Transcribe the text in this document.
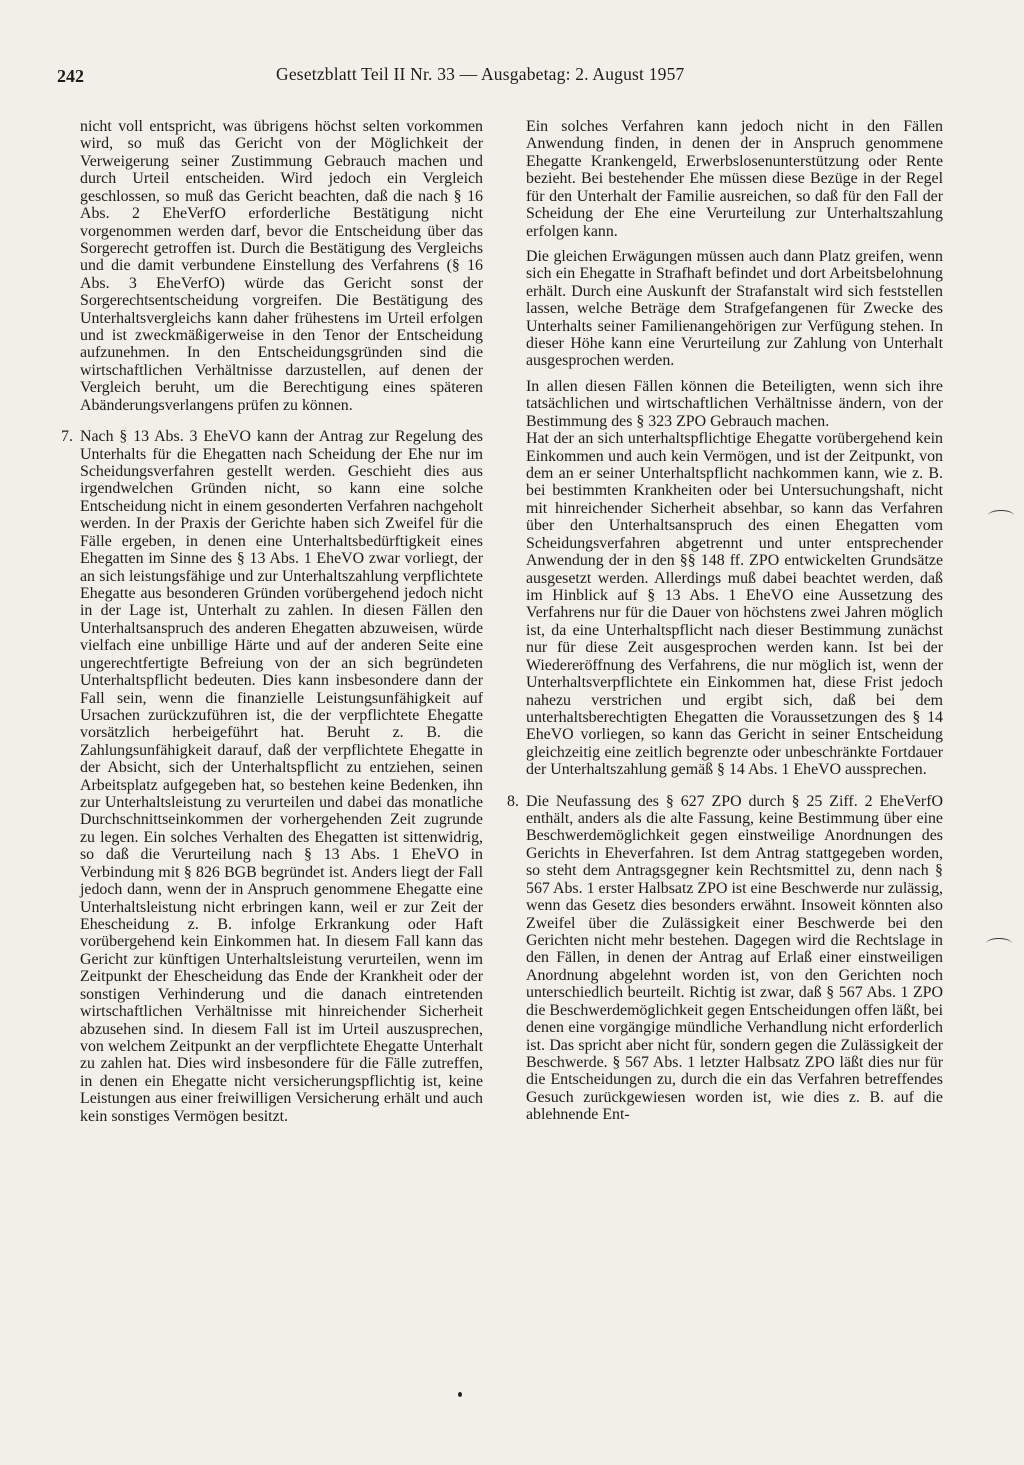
242	Gesetzblatt Teil II Nr. 33 — Ausgabetag: 2. August 1957

nicht voll entspricht, was übrigens höchst selten vorkommen wird, so muß das Gericht von der Möglichkeit der Verweigerung seiner Zustimmung Gebrauch machen und durch Urteil entscheiden. Wird jedoch ein Vergleich geschlossen, so muß das Gericht beachten, daß die nach § 16 Abs. 2 EheVerfO erforderliche Bestätigung nicht vorgenommen werden darf, bevor die Entscheidung über das Sorgerecht getroffen ist. Durch die Bestätigung des Vergleichs und die damit verbundene Einstellung des Verfahrens (§ 16 Abs. 3 EheVerfO) würde das Gericht sonst der Sorgerechtsentscheidung vorgreifen. Die Bestätigung des Unterhaltsvergleichs kann daher frühestens im Urteil erfolgen und ist zweckmäßigerweise in den Tenor der Entscheidung aufzunehmen. In den Entscheidungsgründen sind die wirtschaftlichen Verhältnisse darzustellen, auf denen der Vergleich beruht, um die Berechtigung eines späteren Abänderungsverlangens prüfen zu können.

7. Nach § 13 Abs. 3 EheVO kann der Antrag zur Regelung des Unterhalts für die Ehegatten nach Scheidung der Ehe nur im Scheidungsverfahren gestellt werden. Geschieht dies aus irgendwelchen Gründen nicht, so kann eine solche Entscheidung nicht in einem gesonderten Verfahren nachgeholt werden. In der Praxis der Gerichte haben sich Zweifel für die Fälle ergeben, in denen eine Unterhaltsbedürftigkeit eines Ehegatten im Sinne des § 13 Abs. 1 EheVO zwar vorliegt, der an sich leistungsfähige und zur Unterhaltszahlung verpflichtete Ehegatte aus besonderen Gründen vorübergehend jedoch nicht in der Lage ist, Unterhalt zu zahlen. In diesen Fällen den Unterhaltsanspruch des anderen Ehegatten abzuweisen, würde vielfach eine unbillige Härte und auf der anderen Seite eine ungerechtfertigte Befreiung von der an sich begründeten Unterhaltspflicht bedeuten. Dies kann insbesondere dann der Fall sein, wenn die finanzielle Leistungsunfähigkeit auf Ursachen zurückzuführen ist, die der verpflichtete Ehegatte vorsätzlich herbeigeführt hat. Beruht z. B. die Zahlungsunfähigkeit darauf, daß der verpflichtete Ehegatte in der Absicht, sich der Unterhaltspflicht zu entziehen, seinen Arbeitsplatz aufgegeben hat, so bestehen keine Bedenken, ihn zur Unterhaltsleistung zu verurteilen und dabei das monatliche Durchschnittseinkommen der vorhergehenden Zeit zugrunde zu legen. Ein solches Verhalten des Ehegatten ist sittenwidrig, so daß die Verurteilung nach § 13 Abs. 1 EheVO in Verbindung mit § 826 BGB begründet ist. Anders liegt der Fall jedoch dann, wenn der in Anspruch genommene Ehegatte eine Unterhaltsleistung nicht erbringen kann, weil er zur Zeit der Ehescheidung z. B. infolge Erkrankung oder Haft vorübergehend kein Einkommen hat. In diesem Fall kann das Gericht zur künftigen Unterhaltsleistung verurteilen, wenn im Zeitpunkt der Ehescheidung das Ende der Krankheit oder der sonstigen Verhinderung und die danach eintretenden wirtschaftlichen Verhältnisse mit hinreichender Sicherheit abzusehen sind. In diesem Fall ist im Urteil auszusprechen, von welchem Zeitpunkt an der verpflichtete Ehegatte Unterhalt zu zahlen hat. Dies wird insbesondere für die Fälle zutreffen, in denen ein Ehegatte nicht versicherungspflichtig ist, keine Leistungen aus einer freiwilligen Versicherung erhält und auch kein sonstiges Vermögen besitzt.

Ein solches Verfahren kann jedoch nicht in den Fällen Anwendung finden, in denen der in Anspruch genommene Ehegatte Krankengeld, Erwerbslosenunterstützung oder Rente bezieht. Bei bestehender Ehe müssen diese Bezüge in der Regel für den Unterhalt der Familie ausreichen, so daß für den Fall der Scheidung der Ehe eine Verurteilung zur Unterhaltszahlung erfolgen kann.

Die gleichen Erwägungen müssen auch dann Platz greifen, wenn sich ein Ehegatte in Strafhaft befindet und dort Arbeitsbelohnung erhält. Durch eine Auskunft der Strafanstalt wird sich feststellen lassen, welche Beträge dem Strafgefangenen für Zwecke des Unterhalts seiner Familienangehörigen zur Verfügung stehen. In dieser Höhe kann eine Verurteilung zur Zahlung von Unterhalt ausgesprochen werden.

In allen diesen Fällen können die Beteiligten, wenn sich ihre tatsächlichen und wirtschaftlichen Verhältnisse ändern, von der Bestimmung des § 323 ZPO Gebrauch machen.

Hat der an sich unterhaltspflichtige Ehegatte vorübergehend kein Einkommen und auch kein Vermögen, und ist der Zeitpunkt, von dem an er seiner Unterhaltspflicht nachkommen kann, wie z. B. bei bestimmten Krankheiten oder bei Untersuchungshaft, nicht mit hinreichender Sicherheit absehbar, so kann das Verfahren über den Unterhaltsanspruch des einen Ehegatten vom Scheidungsverfahren abgetrennt und unter entsprechender Anwendung der in den §§ 148 ff. ZPO entwickelten Grundsätze ausgesetzt werden. Allerdings muß dabei beachtet werden, daß im Hinblick auf § 13 Abs. 1 EheVO eine Aussetzung des Verfahrens nur für die Dauer von höchstens zwei Jahren möglich ist, da eine Unterhaltspflicht nach dieser Bestimmung zunächst nur für diese Zeit ausgesprochen werden kann. Ist bei der Wiedereröffnung des Verfahrens, die nur möglich ist, wenn der Unterhaltsverpflichtete ein Einkommen hat, diese Frist jedoch nahezu verstrichen und ergibt sich, daß bei dem unterhaltsberechtigten Ehegatten die Voraussetzungen des § 14 EheVO vorliegen, so kann das Gericht in seiner Entscheidung gleichzeitig eine zeitlich begrenzte oder unbeschränkte Fortdauer der Unterhaltszahlung gemäß § 14 Abs. 1 EheVO aussprechen.

8. Die Neufassung des § 627 ZPO durch § 25 Ziff. 2 EheVerfO enthält, anders als die alte Fassung, keine Bestimmung über eine Beschwerdemöglichkeit gegen einstweilige Anordnungen des Gerichts in Eheverfahren. Ist dem Antrag stattgegeben worden, so steht dem Antragsgegner kein Rechtsmittel zu, denn nach § 567 Abs. 1 erster Halbsatz ZPO ist eine Beschwerde nur zulässig, wenn das Gesetz dies besonders erwähnt. Insoweit könnten also Zweifel über die Zulässigkeit einer Beschwerde bei den Gerichten nicht mehr bestehen. Dagegen wird die Rechtslage in den Fällen, in denen der Antrag auf Erlaß einer einstweiligen Anordnung abgelehnt worden ist, von den Gerichten noch unterschiedlich beurteilt. Richtig ist zwar, daß § 567 Abs. 1 ZPO die Beschwerdemöglichkeit gegen Entscheidungen offen läßt, bei denen eine vorgängige mündliche Verhandlung nicht erforderlich ist. Das spricht aber nicht für, sondern gegen die Zulässigkeit der Beschwerde. § 567 Abs. 1 letzter Halbsatz ZPO läßt dies nur für die Entscheidungen zu, durch die ein das Verfahren betreffendes Gesuch zurückgewiesen worden ist, wie dies z. B. auf die ablehnende Ent-
